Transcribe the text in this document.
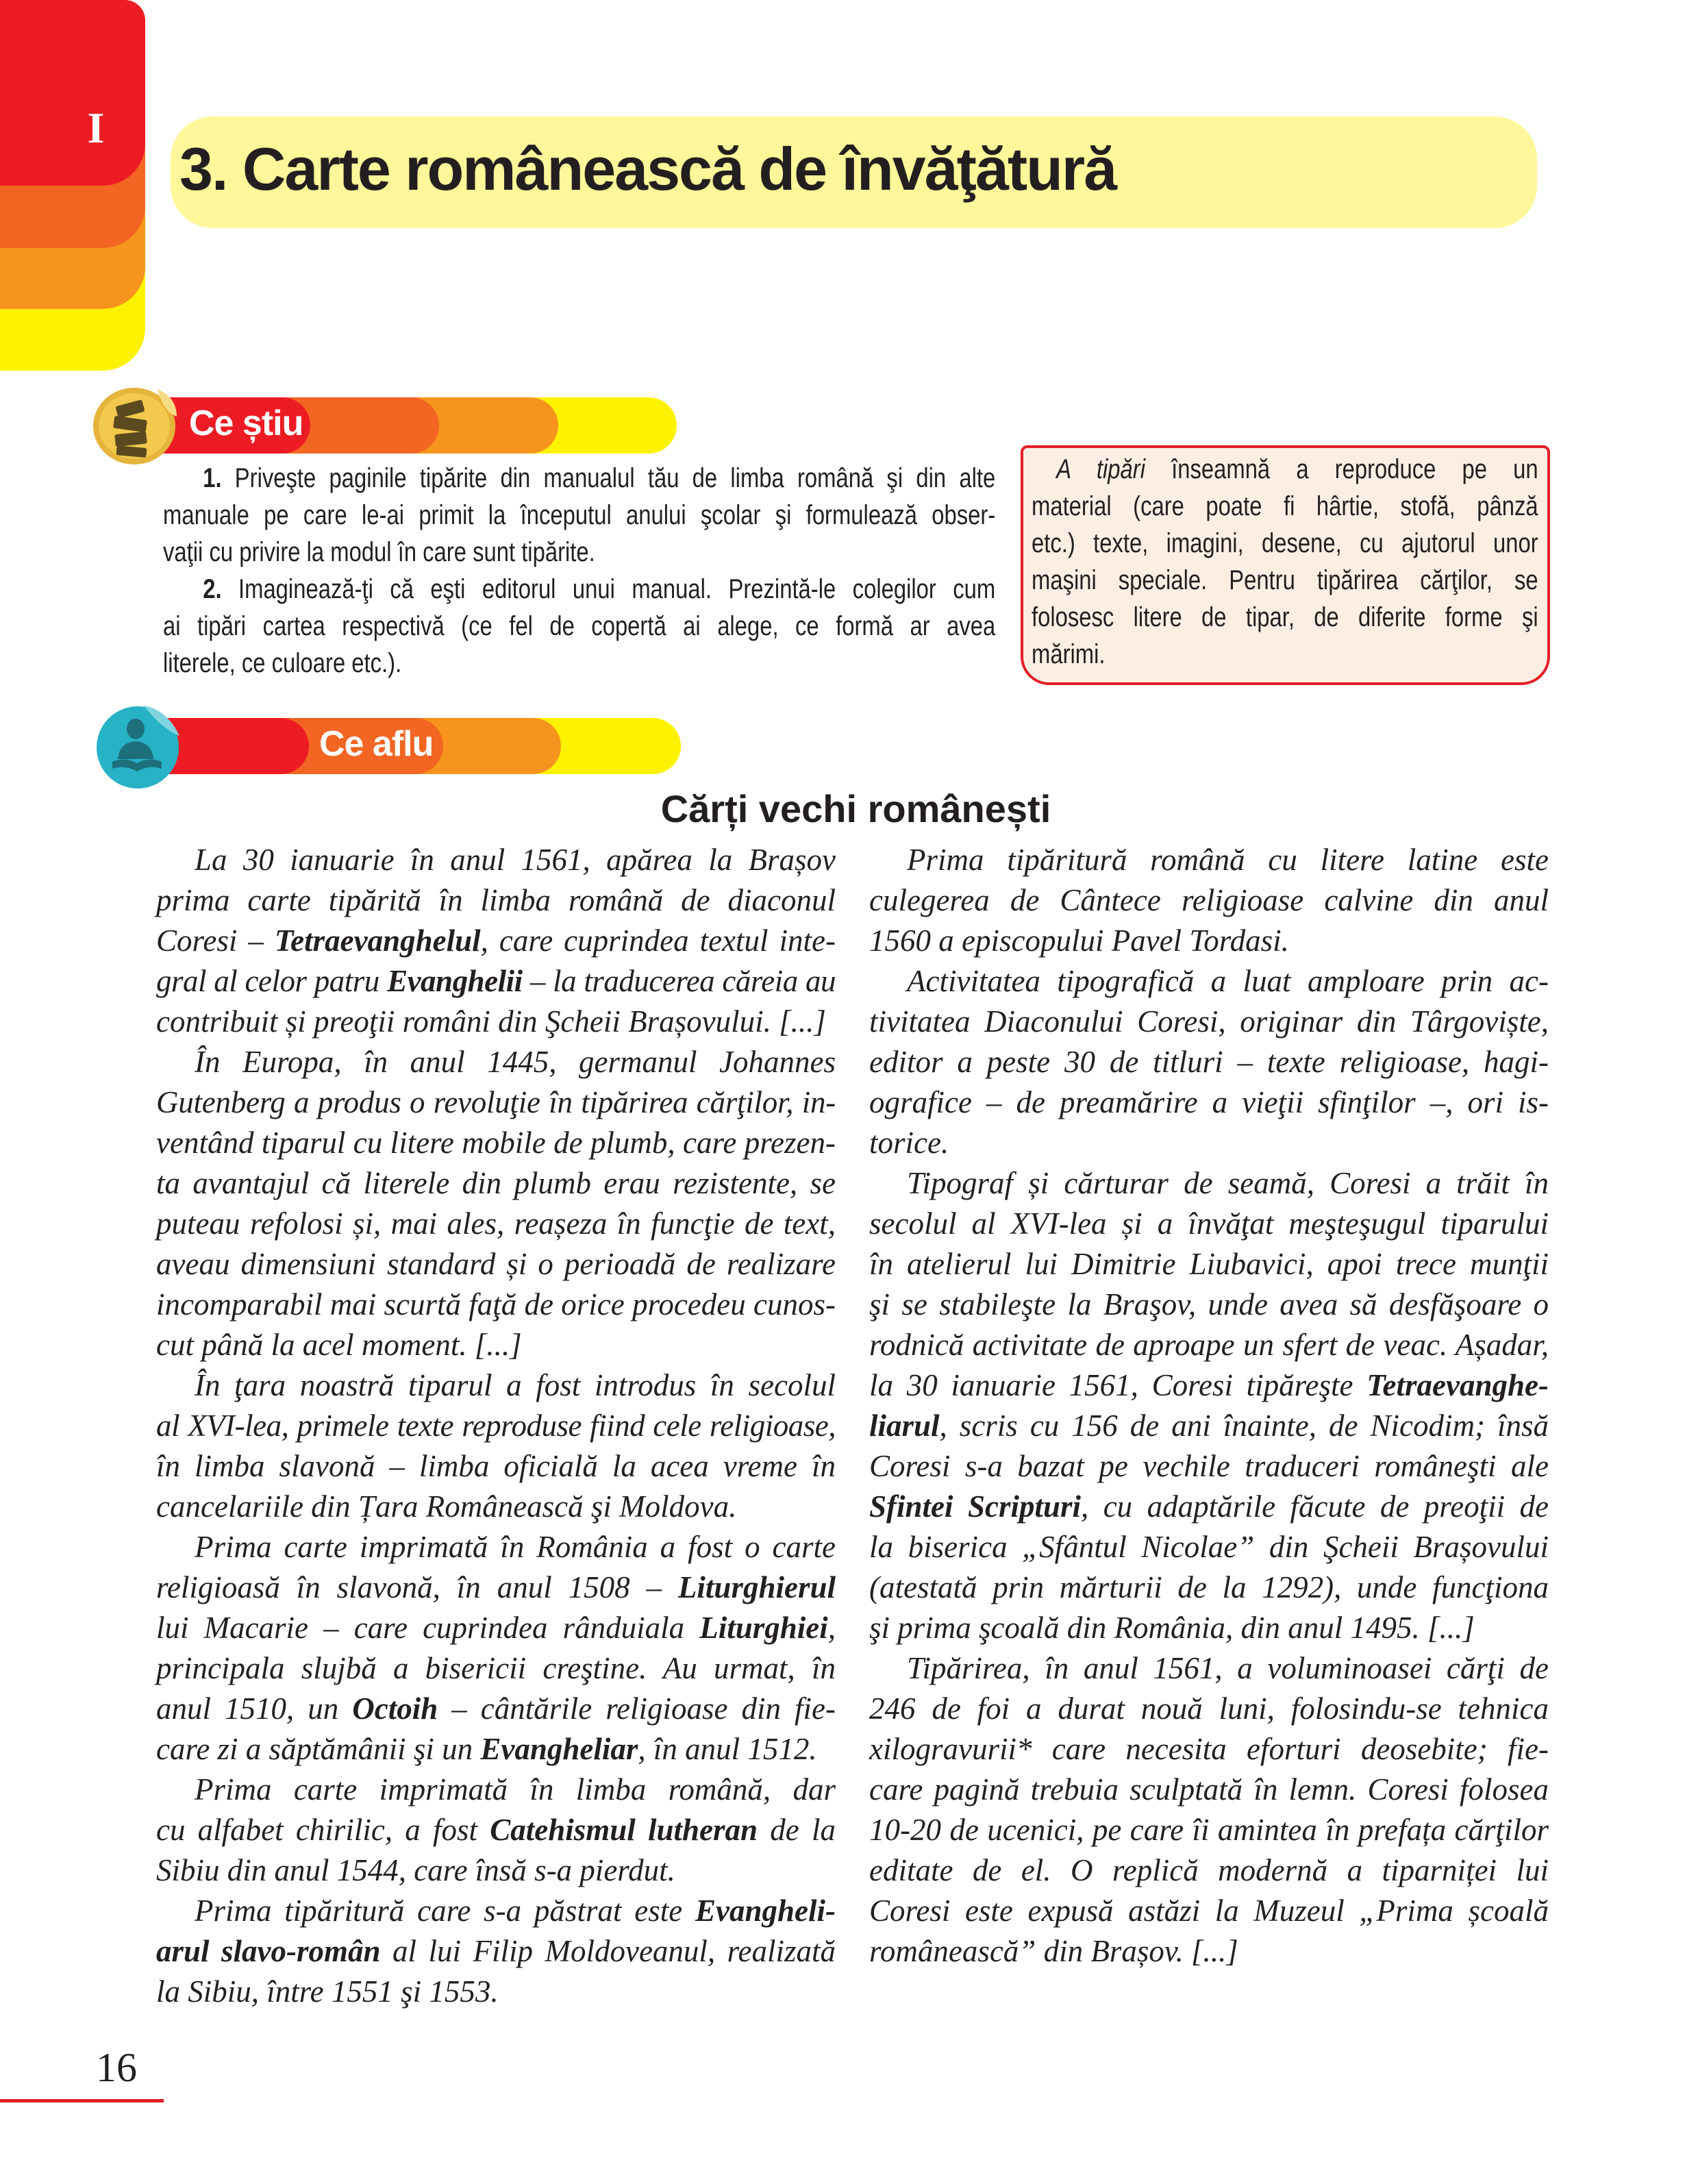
I
3. Carte românească de învăţătură
Ce știu
1. Priveşte paginile tipărite din manualul tău de limba română şi din alte
manuale pe care le-ai primit la începutul anului şcolar şi formulează obser-
vaţii cu privire la modul în care sunt tipărite.
2. Imaginează-ţi că eşti editorul unui manual. Prezintă-le colegilor cum
ai tipări cartea respectivă (ce fel de copertă ai alege, ce formă ar avea
literele, ce culoare etc.).
A tipări înseamnă a reproduce pe un
material (care poate fi hârtie, stofă, pânză
etc.) texte, imagini, desene, cu ajutorul unor
maşini speciale. Pentru tipărirea cărţilor, se
folosesc litere de tipar, de diferite forme şi
mărimi.
Ce aflu
Cărți vechi românești
La 30 ianuarie în anul 1561, apărea la Brașov
prima carte tipărită în limba română de diaconul
Coresi – Tetraevanghelul, care cuprindea textul inte-
gral al celor patru Evanghelii – la traducerea căreia au
contribuit și preoţii români din Şcheii Brașovului. [...]
În Europa, în anul 1445, germanul Johannes
Gutenberg a produs o revoluţie în tipărirea cărţilor, in-
ventând tiparul cu litere mobile de plumb, care prezen-
ta avantajul că literele din plumb erau rezistente, se
puteau refolosi și, mai ales, reașeza în funcţie de text,
aveau dimensiuni standard și o perioadă de realizare
incomparabil mai scurtă faţă de orice procedeu cunos-
cut până la acel moment. [...]
În ţara noastră tiparul a fost introdus în secolul
al XVI-lea, primele texte reproduse fiind cele religioase,
în limba slavonă – limba oficială la acea vreme în
cancelariile din Țara Românească şi Moldova.
Prima carte imprimată în România a fost o carte
religioasă în slavonă, în anul 1508 – Liturghierul
lui Macarie – care cuprindea rânduiala Liturghiei,
principala slujbă a bisericii creştine. Au urmat, în
anul 1510, un Octoih – cântările religioase din fie-
care zi a săptămânii şi un Evangheliar, în anul 1512.
Prima carte imprimată în limba română, dar
cu alfabet chirilic, a fost Catehismul lutheran de la
Sibiu din anul 1544, care însă s-a pierdut.
Prima tipăritură care s-a păstrat este Evangheli-
arul slavo-român al lui Filip Moldoveanul, realizată
la Sibiu, între 1551 şi 1553.
Prima tipăritură română cu litere latine este
culegerea de Cântece religioase calvine din anul
1560 a episcopului Pavel Tordasi.
Activitatea tipografică a luat amploare prin ac-
tivitatea Diaconului Coresi, originar din Târgoviște,
editor a peste 30 de titluri – texte religioase, hagi-
ografice – de preamărire a vieţii sfinţilor –, ori is-
torice.
Tipograf și cărturar de seamă, Coresi a trăit în
secolul al XVI-lea și a învăţat meşteşugul tiparului
în atelierul lui Dimitrie Liubavici, apoi trece munţii
şi se stabileşte la Braşov, unde avea să desfăşoare o
rodnică activitate de aproape un sfert de veac. Așadar,
la 30 ianuarie 1561, Coresi tipăreşte Tetraevanghe-
liarul, scris cu 156 de ani înainte, de Nicodim; însă
Coresi s-a bazat pe vechile traduceri româneşti ale
Sfintei Scripturi, cu adaptările făcute de preoţii de
la biserica „Sfântul Nicolae” din Şcheii Brașovului
(atestată prin mărturii de la 1292), unde funcţiona
şi prima şcoală din România, din anul 1495. [...]
Tipărirea, în anul 1561, a voluminoasei cărţi de
246 de foi a durat nouă luni, folosindu-se tehnica
xilogravurii* care necesita eforturi deosebite; fie-
care pagină trebuia sculptată în lemn. Coresi folosea
10-20 de ucenici, pe care îi amintea în prefața cărţilor
editate de el. O replică modernă a tiparniței lui
Coresi este expusă astăzi la Muzeul „Prima școală
românească” din Brașov. [...]
16
